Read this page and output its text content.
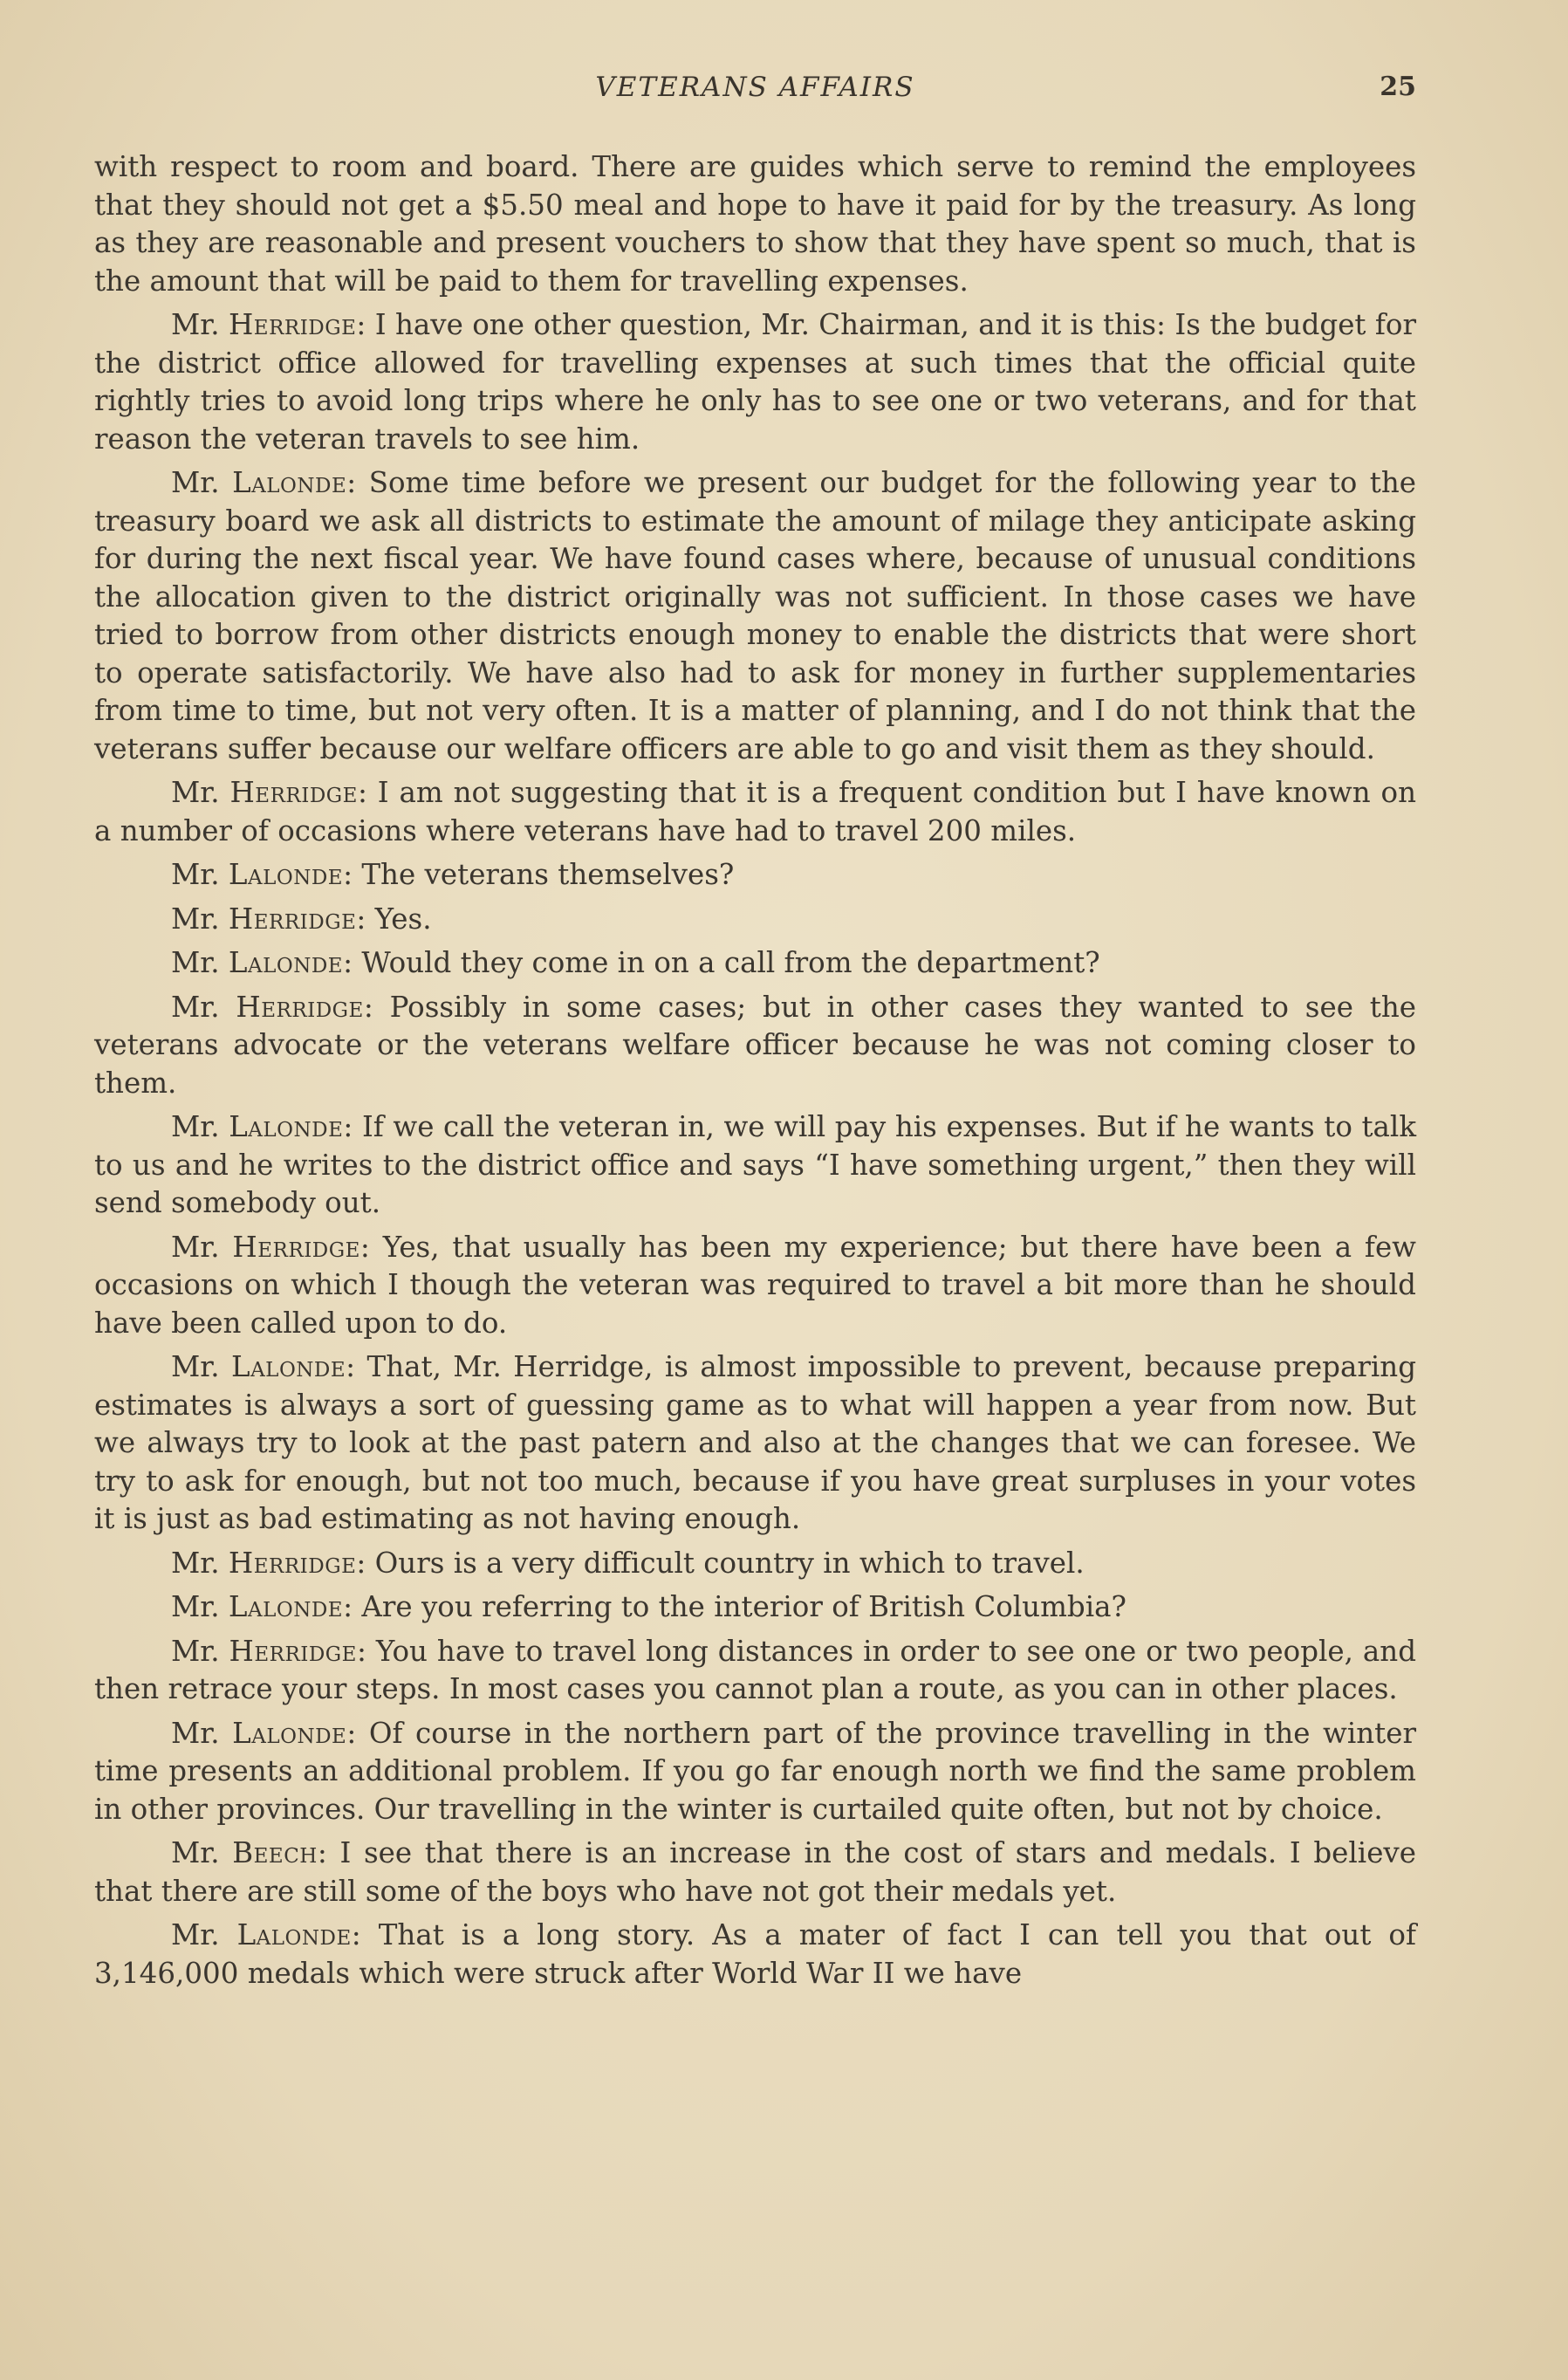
VETERANS AFFAIRS	25

with respect to room and board. There are guides which serve to remind the employees that they should not get a $5.50 meal and hope to have it paid for by the treasury. As long as they are reasonable and present vouchers to show that they have spent so much, that is the amount that will be paid to them for travelling expenses.

Mr. Herridge: I have one other question, Mr. Chairman, and it is this: Is the budget for the district office allowed for travelling expenses at such times that the official quite rightly tries to avoid long trips where he only has to see one or two veterans, and for that reason the veteran travels to see him.

Mr. Lalonde: Some time before we present our budget for the following year to the treasury board we ask all districts to estimate the amount of milage they anticipate asking for during the next fiscal year. We have found cases where, because of unusual conditions the allocation given to the district originally was not sufficient. In those cases we have tried to borrow from other districts enough money to enable the districts that were short to operate satisfactorily. We have also had to ask for money in further supplementaries from time to time, but not very often. It is a matter of planning, and I do not think that the veterans suffer because our welfare officers are able to go and visit them as they should.

Mr. Herridge: I am not suggesting that it is a frequent condition but I have known on a number of occasions where veterans have had to travel 200 miles.

Mr. Lalonde: The veterans themselves?

Mr. Herridge: Yes.

Mr. Lalonde: Would they come in on a call from the department?

Mr. Herridge: Possibly in some cases; but in other cases they wanted to see the veterans advocate or the veterans welfare officer because he was not coming closer to them.

Mr. Lalonde: If we call the veteran in, we will pay his expenses. But if he wants to talk to us and he writes to the district office and says “I have something urgent,” then they will send somebody out.

Mr. Herridge: Yes, that usually has been my experience; but there have been a few occasions on which I though the veteran was required to travel a bit more than he should have been called upon to do.

Mr. Lalonde: That, Mr. Herridge, is almost impossible to prevent, because preparing estimates is always a sort of guessing game as to what will happen a year from now. But we always try to look at the past patern and also at the changes that we can foresee. We try to ask for enough, but not too much, because if you have great surpluses in your votes it is just as bad estimating as not having enough.

Mr. Herridge: Ours is a very difficult country in which to travel.

Mr. Lalonde: Are you referring to the interior of British Columbia?

Mr. Herridge: You have to travel long distances in order to see one or two people, and then retrace your steps. In most cases you cannot plan a route, as you can in other places.

Mr. Lalonde: Of course in the northern part of the province travelling in the winter time presents an additional problem. If you go far enough north we find the same problem in other provinces. Our travelling in the winter is curtailed quite often, but not by choice.

Mr. Beech: I see that there is an increase in the cost of stars and medals. I believe that there are still some of the boys who have not got their medals yet.

Mr. Lalonde: That is a long story. As a mater of fact I can tell you that out of 3,146,000 medals which were struck after World War II we have
